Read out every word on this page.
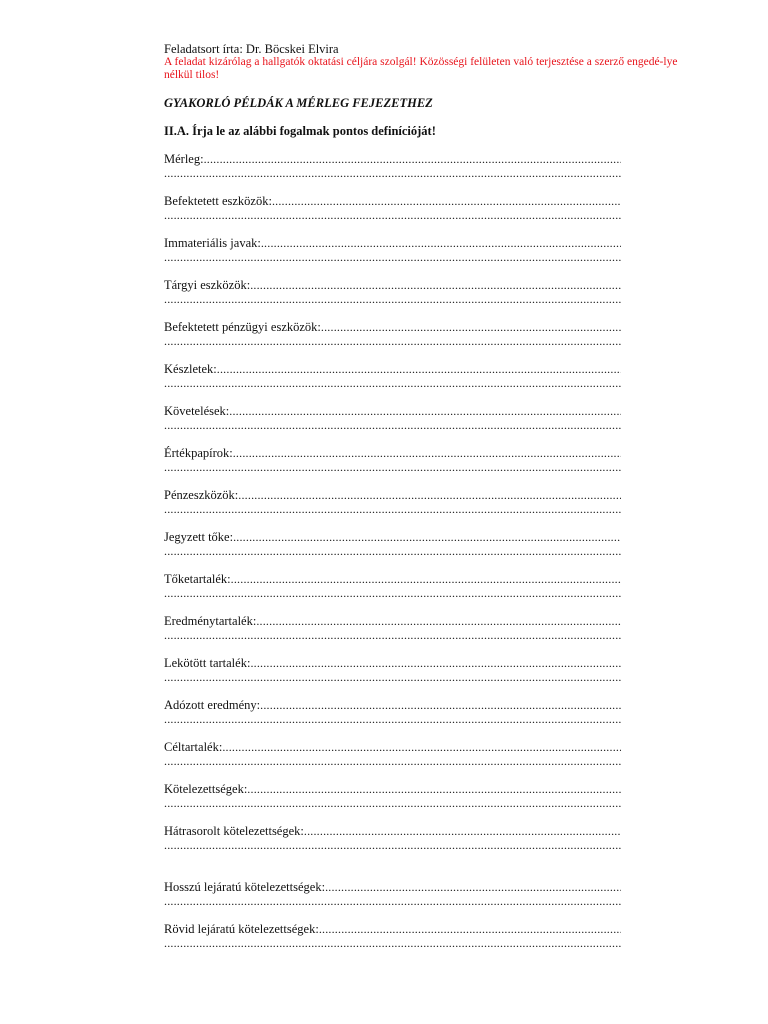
Feladatsort írta: Dr. Böcskei Elvira
A feladat kizárólag a hallgatók oktatási céljára szolgál! Közösségi felületen való terjesztése a szerző engedé-lye nélkül tilos!
GYAKORLÓ PÉLDÁK A MÉRLEG FEJEZETHEZ
II.A. Írja le az alábbi fogalmak pontos definícióját!
Mérleg:
.....
.....
Befektetett eszközök:
.....
.....
Immateriális javak:
.....
.....
Tárgyi eszközök:
.....
.....
Befektetett pénzügyi eszközök:
.....
.....
Készletek:
.....
.....
Követelések:
.....
.....
Értékpapírok:
.....
.....
Pénzeszközök:
.....
.....
Jegyzett tőke:
.....
.....
Tőketartalék:
.....
.....
Eredménytartalék:
.....
.....
Lekötött tartalék:
.....
.....
Adózott eredmény:
.....
.....
Céltartalék:
.....
.....
Kötelezettségek:
.....
.....
Hátrasorolt kötelezettségek:
.....
.....
Hosszú lejáratú kötelezettségek:
.....
.....
Rövid lejáratú kötelezettségek:
.....
.....
